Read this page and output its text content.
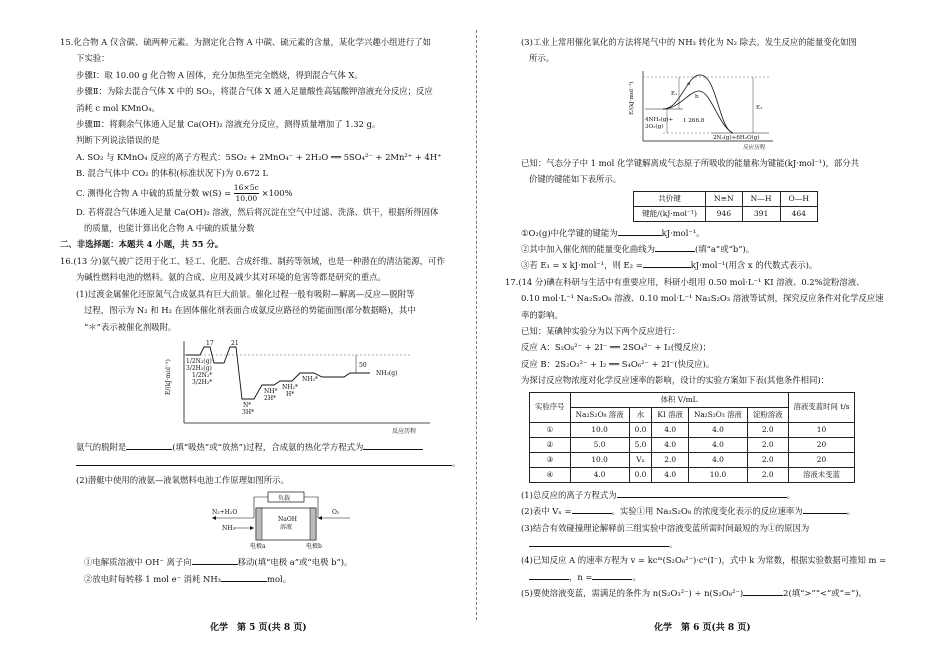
15.化合物 A 仅含碳、硫两种元素。为测定化合物 A 中碳、硫元素的含量，某化学兴趣小组进行了如

下实验：

步骤Ⅰ：取 10.00 g 化合物 A 固体，充分加热至完全燃烧，得到混合气体 X。

步骤Ⅱ：为除去混合气体 X 中的 SO₂，将混合气体 X 通入足量酸性高锰酸钾溶液充分反应；反应

消耗 c mol KMnO₄。

步骤Ⅲ：将剩余气体通入足量 Ca(OH)₂ 溶液充分反应，测得质量增加了 1.32 g。

判断下列说法错误的是

A. SO₂ 与 KMnO₄ 反应的离子方程式：5SO₂ + 2MnO₄⁻ + 2H₂O ══ 5SO₄²⁻ + 2Mn²⁺ + 4H⁺

B. 混合气体中 CO₂ 的体积(标准状况下)为 0.672 L

C. 测得化合物 A 中硫的质量分数 $w(S) = \frac{16\times 5c}{10.00} \times 100\%$

D. 若将混合气体通入足量 Ca(OH)₂ 溶液，然后将沉淀在空气中过滤、洗涤、烘干，根据所得固体

的质量，也能计算出化合物 A 中硫的质量分数

二、非选择题：本题共 4 小题，共 55 分。

16.(13 分)氨气被广泛用于化工、轻工、化肥、合成纤维、制药等领域，也是一种潜在的清洁能源，可作

为碱性燃料电池的燃料。氨的合成、应用及减少其对环境的危害等都是研究的重点。

(1)过渡金属催化还原氮气合成氨具有巨大前景。催化过程一般有吸附—解离—反应—脱附等

过程，图示为 N₂ 和 H₂ 在固体催化剂表面合成氨反应路径的势能面图(部分数据略)，其中

“＊”表示被催化剂吸附。

E/(kJ·mol⁻¹)
反应历程
1/2N₂(g)
3/2H₂(g)
1/2N₂*
3/2H₂*
17	21
50
N*
3H*
NH*
2H*
NH₂*
H*
NH₃*
NH₃(g)

氨气的脱附是	(填“吸热”或“放热”)过程，合成氨的热化学方程式为

。

(2)潜艇中使用的液氨—液氧燃料电池工作原理如图所示。

负载
NaOH
溶液
N₂+H₂O
NH₃
O₂
电极a	电极b

①电解质溶液中 OH⁻ 离子向	移动(填“电极 a”或“电极 b”)。

②放电时每转移 1 mol e⁻ 消耗 NH₃	mol。

(3)工业上常用催化氧化的方法将尾气中的 NH₃ 转化为 N₂ 除去。发生反应的能量变化如图

所示。

E/(kJ·mol⁻¹)	a
b
E₁
E₂
4NH₃(g)+
3O₂(g)
1 266.8
2N₂(g)+6H₂O(g)
反应历程

已知：气态分子中 1 mol 化学键解离成气态原子所吸收的能量称为键能(kJ·mol⁻¹)，部分共

价键的键能如下表所示。

共价键	N≡N	N—H	O—H
键能/(kJ·mol⁻¹)	946	391	464

①O₂(g)中化学键的键能为	kJ·mol⁻¹。

②其中加入催化剂的能量变化曲线为	(填“a”或“b”)。

③若 E₁ = x kJ·mol⁻¹，则 E₂ =	kJ·mol⁻¹(用含 x 的代数式表示)。

17.(14 分)碘在科研与生活中有重要应用，科研小组用 0.50 mol·L⁻¹ KI 溶液、0.2%淀粉溶液、

0.10 mol·L⁻¹ Na₂S₂O₈ 溶液、0.10 mol·L⁻¹ Na₂S₂O₃ 溶液等试剂，探究反应条件对化学反应速

率的影响。

已知：某碘钟实验分为以下两个反应进行：

反应 A：S₂O₈²⁻ + 2I⁻ ══ 2SO₄²⁻ + I₂(慢反应)；

反应 B：2S₂O₃²⁻ + I₂ ══ S₄O₆²⁻ + 2I⁻(快反应)。

为探讨反应物浓度对化学反应速率的影响，设计的实验方案如下表(其他条件相同)：

实验序号	体积 V/mL					溶液变蓝时间 t/s
	Na₂S₂O₈ 溶液	水	KI 溶液	Na₂S₂O₃ 溶液	淀粉溶液	
①	10.0	0.0	4.0	4.0	2.0	10
②	5.0	5.0	4.0	4.0	2.0	20
③	10.0	Vₓ	2.0	4.0	2.0	20
④	4.0	0.0	4.0	10.0	2.0	溶液未变蓝

(1)总反应的离子方程式为	。

(2)表中 Vₓ =	。实验①用 Na₂S₂O₈ 的浓度变化表示的反应速率为	。

(3)结合有效碰撞理论解释前三组实验中溶液变蓝所需时间最短的为①的原因为

。

(4)已知反应 A 的速率方程为 v = kcᵐ(S₂O₈²⁻)·cⁿ(I⁻)，式中 k 为常数，根据实验数据可推知 m =

，n =	。

(5)要使溶液变蓝，需满足的条件为 n(S₂O₃²⁻) ÷ n(S₂O₈²⁻)	2(填“>”“<”或“=”)。

化学　第 5 页(共 8 页)	化学　第 6 页(共 8 页)
